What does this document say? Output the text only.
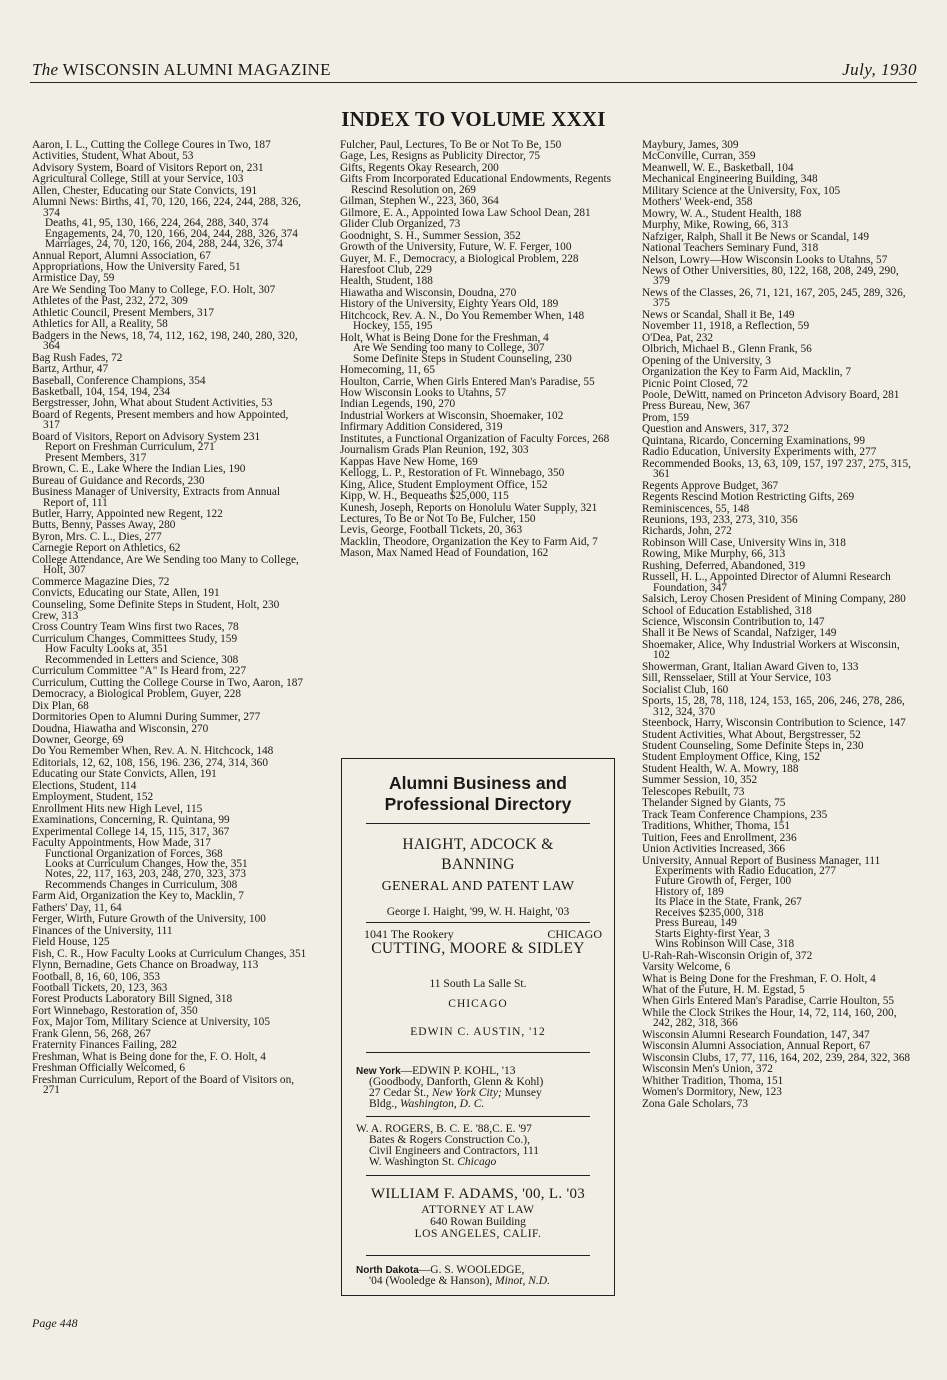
The WISCONSIN ALUMNI MAGAZINE	July, 1930
INDEX TO VOLUME XXXI
Aaron, I. L., Cutting the College Coures in Two, 187
Activities, Student, What About, 53
Advisory System, Board of Visitors Report on, 231
Agricultural College, Still at your Service, 103
Allen, Chester, Educating our State Convicts, 191
Alumni News: Births, 41, 70, 120, 166, 224, 244, 288, 326, 374
Deaths, 41, 95, 130, 166, 224, 264, 288, 340, 374
Engagements, 24, 70, 120, 166, 204, 244, 288, 326, 374
Marriages, 24, 70, 120, 166, 204, 288, 244, 326, 374
Annual Report, Alumni Association, 67
Appropriations, How the University Fared, 51
Armistice Day, 59
Are We Sending Too Many to College, F.O. Holt, 307
Athletes of the Past, 232, 272, 309
Athletic Council, Present Members, 317
Athletics for All, a Reality, 58
Badgers in the News, 18, 74, 112, 162, 198, 240, 280, 320, 364
Bag Rush Fades, 72
Bartz, Arthur, 47
Baseball, Conference Champions, 354
Basketball, 104, 154, 194, 234
Bergstresser, John, What about Student Activities, 53
Board of Regents, Present members and how Appointed, 317
Board of Visitors, Report on Advisory System 231
Report on Freshman Curriculum, 271
Present Members, 317
Brown, C. E., Lake Where the Indian Lies, 190
Bureau of Guidance and Records, 230
Business Manager of University, Extracts from Annual Report of, 111
Butler, Harry, Appointed new Regent, 122
Butts, Benny, Passes Away, 280
Byron, Mrs. C. L., Dies, 277
Carnegie Report on Athletics, 62
College Attendance, Are We Sending too Many to College, Holt, 307
Commerce Magazine Dies, 72
Convicts, Educating our State, Allen, 191
Counseling, Some Definite Steps in Student, Holt, 230
Crew, 313
Cross Country Team Wins first two Races, 78
Curriculum Changes, Committees Study, 159
How Faculty Looks at, 351
Recommended in Letters and Science, 308
Curriculum Committee "A" Is Heard from, 227
Curriculum, Cutting the College Course in Two, Aaron, 187
Democracy, a Biological Problem, Guyer, 228
Dix Plan, 68
Dormitories Open to Alumni During Summer, 277
Doudna, Hiawatha and Wisconsin, 270
Downer, George, 69
Do You Remember When, Rev. A. N. Hitchcock, 148
Editorials, 12, 62, 108, 156, 196. 236, 274, 314, 360
Educating our State Convicts, Allen, 191
Elections, Student, 114
Employment, Student, 152
Enrollment Hits new High Level, 115
Examinations, Concerning, R. Quintana, 99
Experimental College 14, 15, 115, 317, 367
Faculty Appointments, How Made, 317
Functional Organization of Forces, 368
Looks at Curriculum Changes, How the, 351
Notes, 22, 117, 163, 203, 248, 270, 323, 373
Recommends Changes in Curriculum, 308
Farm Aid, Organization the Key to, Macklin, 7
Fathers' Day, 11, 64
Ferger, Wirth, Future Growth of the University, 100
Finances of the University, 111
Field House, 125
Fish, C. R., How Faculty Looks at Curriculum Changes, 351
Flynn, Bernadine, Gets Chance on Broadway, 113
Football, 8, 16, 60, 106, 353
Football Tickets, 20, 123, 363
Forest Products Laboratory Bill Signed, 318
Fort Winnebago, Restoration of, 350
Fox, Major Tom, Military Science at University, 105
Frank Glenn, 56, 268, 267
Fraternity Finances Failing, 282
Freshman, What is Being done for the, F. O. Holt, 4
Freshman Officially Welcomed, 6
Freshman Curriculum, Report of the Board of Visitors on, 271
Fulcher, Paul, Lectures, To Be or Not To Be, 150
Gage, Les, Resigns as Publicity Director, 75
Gifts, Regents Okay Research, 200
Gifts From Incorporated Educational Endowments, Regents Rescind Resolution on, 269
Gilman, Stephen W., 223, 360, 364
Gilmore, E. A., Appointed Iowa Law School Dean, 281
Glider Club Organized, 73
Goodnight, S. H., Summer Session, 352
Growth of the University, Future, W. F. Ferger, 100
Guyer, M. F., Democracy, a Biological Problem, 228
Haresfoot Club, 229
Health, Student, 188
Hiawatha and Wisconsin, Doudna, 270
History of the University, Eighty Years Old, 189
Hitchcock, Rev. A. N., Do You Remember When, 148
Hockey, 155, 195
Holt, What is Being Done for the Freshman, 4
Are We Sending too many to College, 307
Some Definite Steps in Student Counseling, 230
Homecoming, 11, 65
Houlton, Carrie, When Girls Entered Man's Paradise, 55
How Wisconsin Looks to Utahns, 57
Indian Legends, 190, 270
Industrial Workers at Wisconsin, Shoemaker, 102
Infirmary Addition Considered, 319
Institutes, a Functional Organization of Faculty Forces, 268
Journalism Grads Plan Reunion, 192, 303
Kappas Have New Home, 169
Kellogg, L. P., Restoration of Ft. Winnebago, 350
King, Alice, Student Employment Office, 152
Kipp, W. H., Bequeaths $25,000, 115
Kunesh, Joseph, Reports on Honolulu Water Supply, 321
Lectures, To Be or Not To Be, Fulcher, 150
Levis, George, Football Tickets, 20, 363
Macklin, Theodore, Organization the Key to Farm Aid, 7
Mason, Max Named Head of Foundation, 162
Maybury, James, 309
McConville, Curran, 359
Meanwell, W. E., Basketball, 104
Mechanical Engineering Building, 348
Military Science at the University, Fox, 105
Mothers' Week-end, 358
Mowry, W. A., Student Health, 188
Murphy, Mike, Rowing, 66, 313
Nafziger, Ralph, Shall it Be News or Scandal, 149
National Teachers Seminary Fund, 318
Nelson, Lowry—How Wisconsin Looks to Utahns, 57
News of Other Universities, 80, 122, 168, 208, 249, 290, 379
News of the Classes, 26, 71, 121, 167, 205, 245, 289, 326, 375
News or Scandal, Shall it Be, 149
November 11, 1918, a Reflection, 59
O'Dea, Pat, 232
Olbrich, Michael B., Glenn Frank, 56
Opening of the University, 3
Organization the Key to Farm Aid, Macklin, 7
Picnic Point Closed, 72
Poole, DeWitt, named on Princeton Advisory Board, 281
Press Bureau, New, 367
Prom, 159
Question and Answers, 317, 372
Quintana, Ricardo, Concerning Examinations, 99
Radio Education, University Experiments with, 277
Recommended Books, 13, 63, 109, 157, 197 237, 275, 315, 361
Regents Approve Budget, 367
Regents Rescind Motion Restricting Gifts, 269
Reminiscences, 55, 148
Reunions, 193, 233, 273, 310, 356
Richards, John, 272
Robinson Will Case, University Wins in, 318
Rowing, Mike Murphy, 66, 313
Rushing, Deferred, Abandoned, 319
Russell, H. L., Appointed Director of Alumni Research Foundation, 347
Salsich, Leroy Chosen President of Mining Company, 280
School of Education Established, 318
Science, Wisconsin Contribution to, 147
Shall it Be News of Scandal, Nafziger, 149
Shoemaker, Alice, Why Industrial Workers at Wisconsin, 102
Showerman, Grant, Italian Award Given to, 133
Sill, Rensselaer, Still at Your Service, 103
Socialist Club, 160
Sports, 15, 28, 78, 118, 124, 153, 165, 206, 246, 278, 286, 312, 324, 370
Steenbock, Harry, Wisconsin Contribution to Science, 147
Student Activities, What About, Bergstresser, 52
Student Counseling, Some Definite Steps in, 230
Student Employment Office, King, 152
Student Health, W. A. Mowry, 188
Summer Session, 10, 352
Telescopes Rebuilt, 73
Thelander Signed by Giants, 75
Track Team Conference Champions, 235
Traditions, Whither, Thoma, 151
Tuition, Fees and Enrollment, 236
Union Activities Increased, 366
University, Annual Report of Business Manager, 111
Experiments with Radio Education, 277
Future Growth of, Ferger, 100
History of, 189
Its Place in the State, Frank, 267
Receives $235,000, 318
Press Bureau, 149
Starts Eighty-first Year, 3
Wins Robinson Will Case, 318
U-Rah-Rah-Wisconsin Origin of, 372
Varsity Welcome, 6
What is Being Done for the Freshman, F. O. Holt, 4
What of the Future, H. M. Egstad, 5
When Girls Entered Man's Paradise, Carrie Houlton, 55
While the Clock Strikes the Hour, 14, 72, 114, 160, 200, 242, 282, 318, 366
Wisconsin Alumni Research Foundation, 147, 347
Wisconsin Alumni Association, Annual Report, 67
Wisconsin Clubs, 17, 77, 116, 164, 202, 239, 284, 322, 368
Wisconsin Men's Union, 372
Whither Tradition, Thoma, 151
Women's Dormitory, New, 123
Zona Gale Scholars, 73
Alumni Business and
Professional Directory
HAIGHT, ADCOCK &
BANNING
GENERAL AND PATENT LAW
George I. Haight, '99, W. H. Haight, '03
1041 The Rookery	CHICAGO
CUTTING, MOORE & SIDLEY
11 South La Salle St.
CHICAGO
EDWIN C. AUSTIN, '12
New York—EDWIN P. KOHL, '13
(Goodbody, Danforth, Glenn & Kohl)
27 Cedar St., New York City; Munsey
Bldg., Washington, D. C.
W. A. ROGERS, B. C. E. '88,C. E. '97
Bates & Rogers Construction Co.),
Civil Engineers and Contractors, 111
W. Washington St. Chicago
WILLIAM F. ADAMS, '00, L. '03
ATTORNEY AT LAW
640 Rowan Building
LOS ANGELES, CALIF.
North Dakota—G. S. WOOLEDGE,
'04 (Wooledge & Hanson), Minot, N.D.
Page 448
